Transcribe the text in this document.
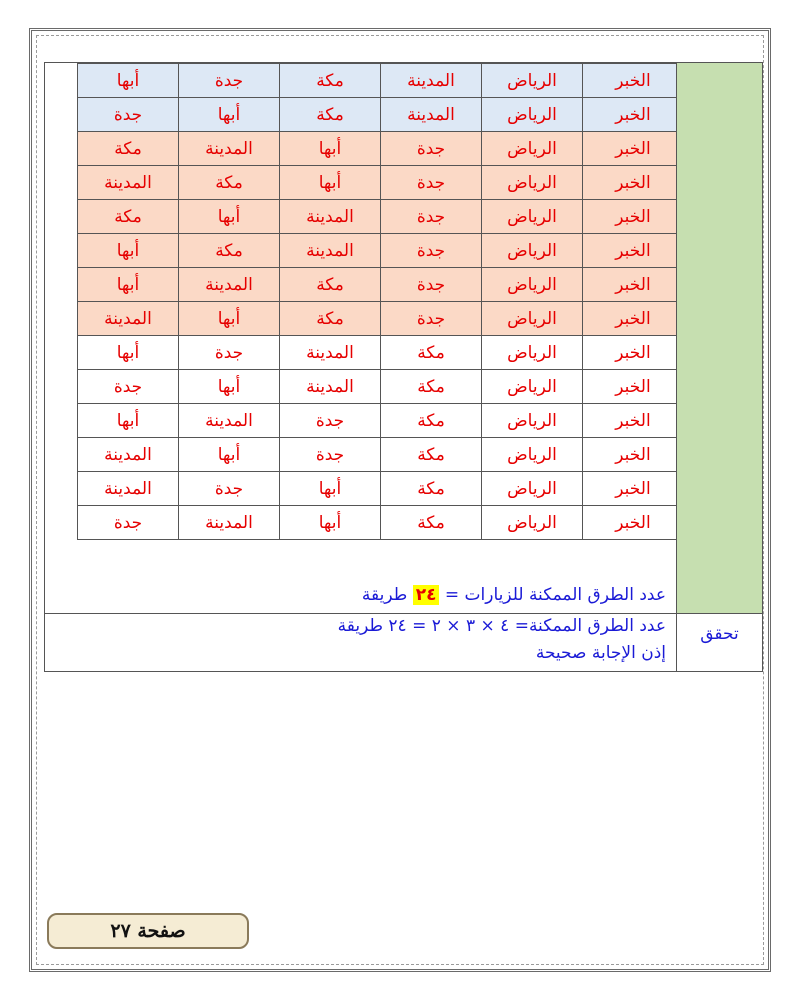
الخبر	الرياض	المدينة	مكة	جدة	أبها
الخبر	الرياض	المدينة	مكة	أبها	جدة
الخبر	الرياض	جدة	أبها	المدينة	مكة
الخبر	الرياض	جدة	أبها	مكة	المدينة
الخبر	الرياض	جدة	المدينة	أبها	مكة
الخبر	الرياض	جدة	المدينة	مكة	أبها
الخبر	الرياض	جدة	مكة	المدينة	أبها
الخبر	الرياض	جدة	مكة	أبها	المدينة
الخبر	الرياض	مكة	المدينة	جدة	أبها
الخبر	الرياض	مكة	المدينة	أبها	جدة
الخبر	الرياض	مكة	جدة	المدينة	أبها
الخبر	الرياض	مكة	جدة	أبها	المدينة
الخبر	الرياض	مكة	أبها	جدة	المدينة
الخبر	الرياض	مكة	أبها	المدينة	جدة
عدد الطرق الممكنة للزيارات = ٢٤ طريقة
تحقق
عدد الطرق الممكنة= ٤ × ٣ × ٢ = ٢٤ طريقة
إذن الإجابة صحيحة
صفحة ٢٧
